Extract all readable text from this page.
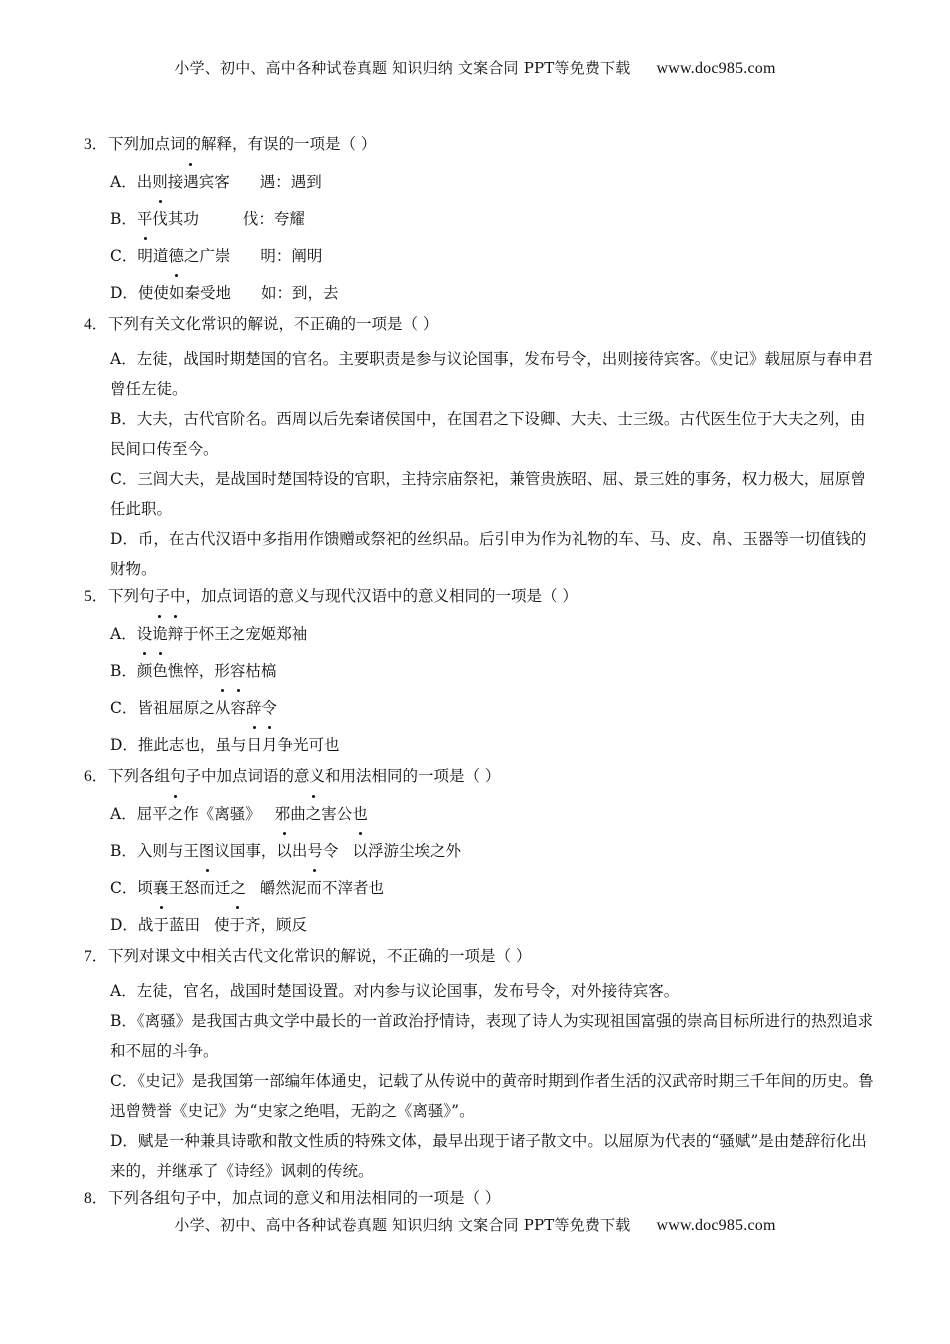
小学、初中、高中各种试卷真题 知识归纳 文案合同 PPT等免费下载 www.doc985.com

3．下列加点词的解释，有误的一项是（ ）

A．出则接遇宾客 遇：遇到

B．平伐其功	伐：夸耀

C．明道德之广崇 明：阐明

D．使使如秦受地 如：到，去

4．下列有关文化常识的解说，不正确的一项是（ ）

A．左徒，战国时期楚国的官名。主要职责是参与议论国事，发布号令，出则接待宾客。《史记》载屈原与春申君曾任左徒。

B．大夫，古代官阶名。西周以后先秦诸侯国中，在国君之下设卿、大夫、士三级。古代医生位于大夫之列，由民间口传至今。

C．三闾大夫，是战国时楚国特设的官职，主持宗庙祭祀，兼管贵族昭、屈、景三姓的事务，权力极大，屈原曾任此职。

D．币，在古代汉语中多指用作馈赠或祭祀的丝织品。后引申为作为礼物的车、马、皮、帛、玉器等一切值钱的财物。

5．下列句子中，加点词语的意义与现代汉语中的意义相同的一项是（ ）

A．设诡辩于怀王之宠姬郑袖

B．颜色憔悴，形容枯槁

C．皆祖屈原之从容辞令

D．推此志也，虽与日月争光可也

6．下列各组句子中加点词语的意义和用法相同的一项是（ ）

A．屈平之作《离骚》 邪曲之害公也

B．入则与王图议国事，以出号令 以浮游尘埃之外

C．顷襄王怒而迁之 皭然泥而不滓者也

D．战于蓝田 使于齐，顾反

7．下列对课文中相关古代文化常识的解说，不正确的一项是（ ）

A．左徒，官名，战国时楚国设置。对内参与议论国事，发布号令，对外接待宾客。

B．《离骚》是我国古典文学中最长的一首政治抒情诗，表现了诗人为实现祖国富强的崇高目标所进行的热烈追求和不屈的斗争。

C．《史记》是我国第一部编年体通史，记载了从传说中的黄帝时期到作者生活的汉武帝时期三千年间的历史。鲁迅曾赞誉《史记》为“史家之绝唱，无韵之《离骚》”。

D．赋是一种兼具诗歌和散文性质的特殊文体，最早出现于诸子散文中。以屈原为代表的“骚赋”是由楚辞衍化出来的，并继承了《诗经》讽刺的传统。

8．下列各组句子中，加点词的意义和用法相同的一项是（ ）

小学、初中、高中各种试卷真题 知识归纳 文案合同 PPT等免费下载 www.doc985.com
